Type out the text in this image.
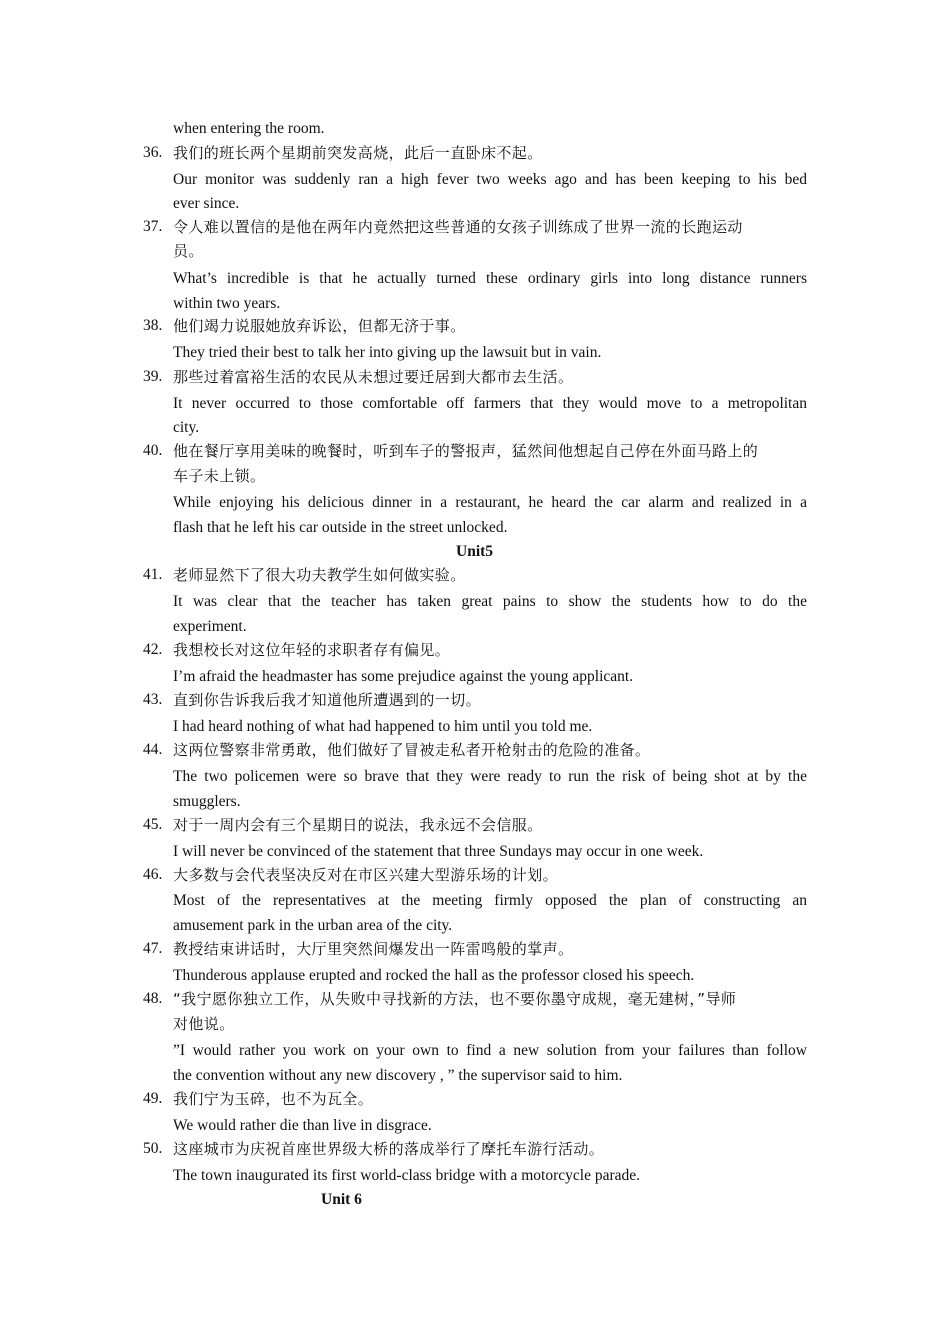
when entering the room.
36. 我们的班长两个星期前突发高烧，此后一直卧床不起。
Our monitor was suddenly ran a high fever two weeks ago and has been keeping to his bed
ever since.
37. 令人难以置信的是他在两年内竟然把这些普通的女孩子训练成了世界一流的长跑运动
员。
What’s incredible is that he actually turned these ordinary girls into long distance runners
within two years.
38. 他们竭力说服她放弃诉讼，但都无济于事。
They tried their best to talk her into giving up the lawsuit but in vain.
39. 那些过着富裕生活的农民从未想过要迁居到大都市去生活。
It never occurred to those comfortable off farmers that they would move to a metropolitan
city.
40. 他在餐厅享用美味的晚餐时，听到车子的警报声，猛然间他想起自己停在外面马路上的
车子未上锁。
While enjoying his delicious dinner in a restaurant, he heard the car alarm and realized in a
flash that he left his car outside in the street unlocked.
Unit5
41. 老师显然下了很大功夫教学生如何做实验。
It was clear that the teacher has taken great pains to show the students how to do the
experiment.
42. 我想校长对这位年轻的求职者存有偏见。
I’m afraid the headmaster has some prejudice against the young applicant.
43. 直到你告诉我后我才知道他所遭遇到的一切。
I had heard nothing of what had happened to him until you told me.
44. 这两位警察非常勇敢，他们做好了冒被走私者开枪射击的危险的准备。
The two policemen were so brave that they were ready to run the risk of being shot at by the
smugglers.
45. 对于一周内会有三个星期日的说法，我永远不会信服。
I will never be convinced of the statement that three Sundays may occur in one week.
46. 大多数与会代表坚决反对在市区兴建大型游乐场的计划。
Most of the representatives at the meeting firmly opposed the plan of constructing an
amusement park in the urban area of the city.
47. 教授结束讲话时，大厅里突然间爆发出一阵雷鸣般的掌声。
Thunderous applause erupted and rocked the hall as the professor closed his speech.
48. “我宁愿你独立工作，从失败中寻找新的方法，也不要你墨守成规，毫无建树，”导师
对他说。
”I would rather you work on your own to find a new solution from your failures than follow
the convention without any new discovery , ” the supervisor said to him.
49. 我们宁为玉碎，也不为瓦全。
We would rather die than live in disgrace.
50. 这座城市为庆祝首座世界级大桥的落成举行了摩托车游行活动。
The town inaugurated its first world-class bridge with a motorcycle parade.
Unit 6
